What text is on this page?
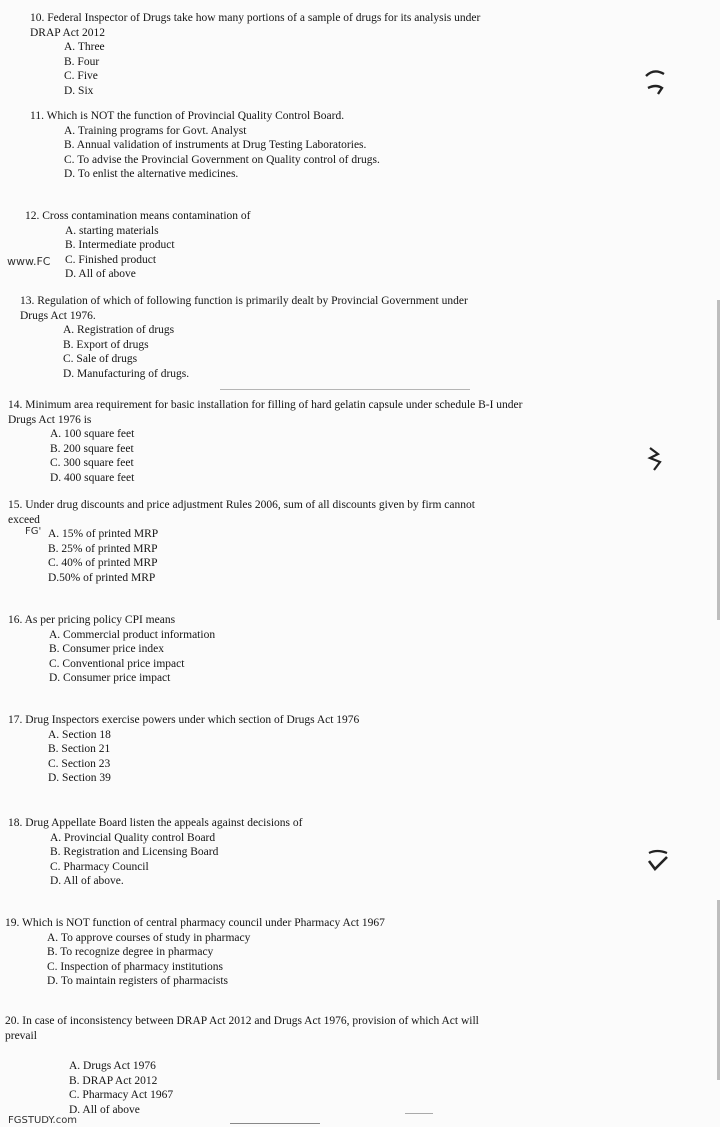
10. Federal Inspector of Drugs take how many portions of a sample of drugs for its analysis under DRAP Act 2012
A. Three
B. Four
C. Five
D. Six
11. Which is NOT the function of Provincial Quality Control Board.
A. Training programs for Govt. Analyst
B. Annual validation of instruments at Drug Testing Laboratories.
C. To advise the Provincial Government on Quality control of drugs.
D. To enlist the alternative medicines.
12. Cross contamination means contamination of
A. starting materials
B. Intermediate product
C. Finished product
D. All of above
13. Regulation of which of following function is primarily dealt by Provincial Government under Drugs Act 1976.
A. Registration of drugs
B. Export of drugs
C. Sale of drugs
D. Manufacturing of drugs.
14. Minimum area requirement for basic installation for filling of hard gelatin capsule under schedule B-I under Drugs Act 1976 is
A. 100 square feet
B. 200 square feet
C. 300 square feet
D. 400 square feet
15. Under drug discounts and price adjustment Rules 2006, sum of all discounts given by firm cannot exceed
A. 15% of printed MRP
B. 25% of printed MRP
C. 40% of printed MRP
D.50% of printed MRP
16. As per pricing policy CPI means
A. Commercial product information
B. Consumer price index
C. Conventional price impact
D. Consumer price impact
17. Drug Inspectors exercise powers under which section of Drugs Act 1976
A. Section 18
B. Section 21
C. Section 23
D. Section 39
18. Drug Appellate Board listen the appeals against decisions of
A. Provincial Quality control Board
B. Registration and Licensing Board
C. Pharmacy Council
D. All of above.
19. Which is NOT function of central pharmacy council under Pharmacy Act 1967
A. To approve courses of study in pharmacy
B. To recognize degree in pharmacy
C. Inspection of pharmacy institutions
D. To maintain registers of pharmacists
20. In case of inconsistency between DRAP Act 2012 and Drugs Act 1976, provision of which Act will prevail
A. Drugs Act 1976
B. DRAP Act 2012
C. Pharmacy Act 1967
D. All of above
www.FC
FG'
FGSTUDY.com
